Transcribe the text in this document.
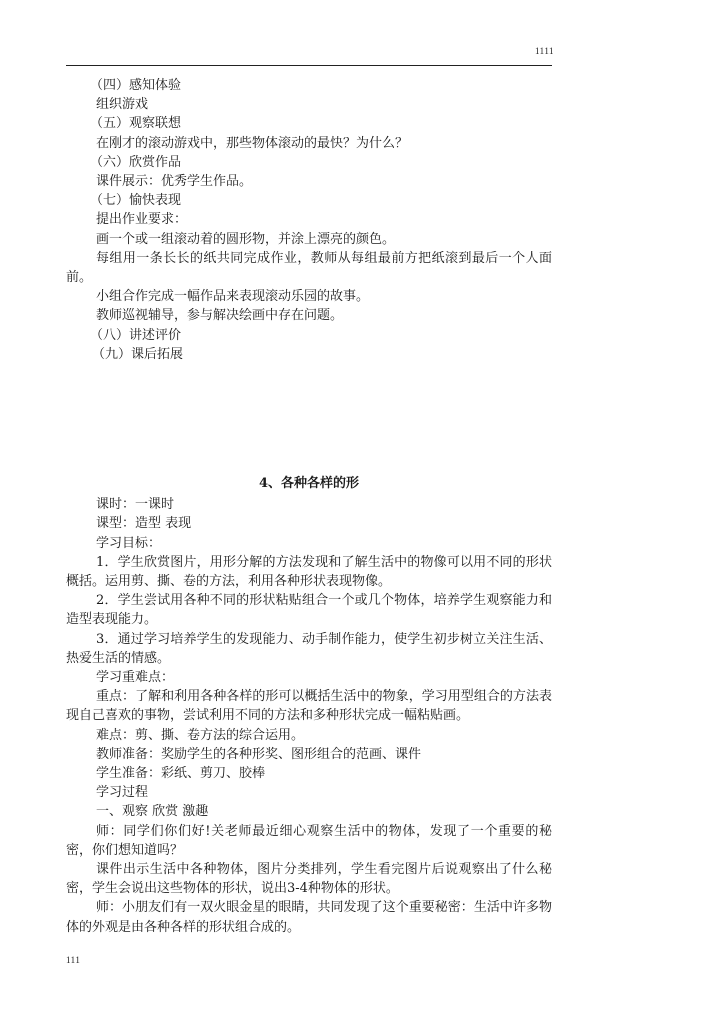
1111
（四）感知体验
组织游戏
（五）观察联想
在刚才的滚动游戏中，那些物体滚动的最快？为什么？
（六）欣赏作品
课件展示：优秀学生作品。
（七）愉快表现
提出作业要求：
画一个或一组滚动着的圆形物，并涂上漂亮的颜色。
每组用一条长长的纸共同完成作业，教师从每组最前方把纸滚到最后一个人面前。
小组合作完成一幅作品来表现滚动乐园的故事。
教师巡视辅导，参与解决绘画中存在问题。
（八）讲述评价
（九）课后拓展
4、各种各样的形
课时：一课时
课型：造型 表现
学习目标：
1．学生欣赏图片，用形分解的方法发现和了解生活中的物像可以用不同的形状概括。运用剪、撕、卷的方法，利用各种形状表现物像。
2．学生尝试用各种不同的形状粘贴组合一个或几个物体，培养学生观察能力和造型表现能力。
3．通过学习培养学生的发现能力、动手制作能力，使学生初步树立关注生活、热爱生活的情感。
学习重难点：
重点：了解和利用各种各样的形可以概括生活中的物象，学习用型组合的方法表现自己喜欢的事物，尝试利用不同的方法和多种形状完成一幅粘贴画。
难点：剪、撕、卷方法的综合运用。
教师准备：奖励学生的各种形奖、图形组合的范画、课件
学生准备：彩纸、剪刀、胶棒
学习过程
一、观察 欣赏 激趣
师：同学们你们好!关老师最近细心观察生活中的物体，发现了一个重要的秘密，你们想知道吗？
课件出示生活中各种物体，图片分类排列，学生看完图片后说观察出了什么秘密，学生会说出这些物体的形状，说出3-4种物体的形状。
师：小朋友们有一双火眼金星的眼睛，共同发现了这个重要秘密：生活中许多物体的外观是由各种各样的形状组合成的。
111
